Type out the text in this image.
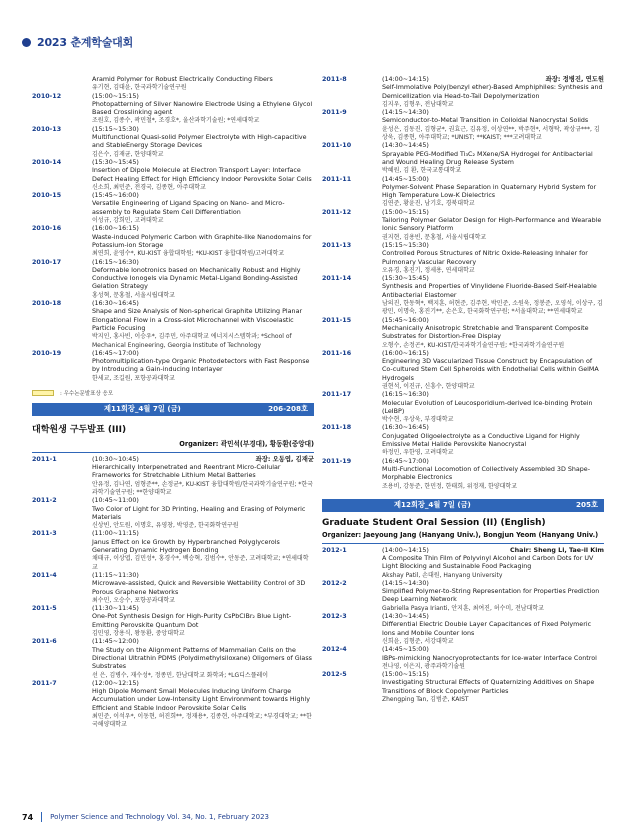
2023 춘계학술대회
Aramid Polymer for Robust Electrically Conducting Fibers
유기현, 김대윤, 한국과학기술연구원
2010-12	(15:00~15:15)
Photopatterning of Silver Nanowire Electrode Using a Ethylene Glycol Based Crosslinking agent
조원호, 김종수, 곽민철*, 조경호*, 울산과학기술원; *연세대학교
2010-13	(15:15~15:30)
Multifunctional Quasi-solid Polymer Electrolyte with High-capacitive and StableEnergy Storage Devices
김은수, 김재균, 한양대학교
2010-14	(15:30~15:45)
Insertion of Dipole Molecule at Electron Transport Layer: Interface Defect Healing Effect for High Efficiency Indoor Perovskite Solar Cells
신소희, 최민준, 전경국, 김종현, 아주대학교
2010-15	(15:45~16:00)
Versatile Engineering of Ligand Spacing on Nano- and Micro-assembly to Regulate Stem Cell Differentiation
이성규, 강희민, 고려대학교
2010-16	(16:00~16:15)
Waste-induced Polymeric Carbon with Graphite-like Nanodomains for Potassium-ion Storage
최연희, 윤영수*, KU-KIST 융합대학원; *KU-KIST 융합대학원/고려대학교
2010-17	(16:15~16:30)
Deformable Ionotronics based on Mechanically Robust and Highly Conductive Ionogels via Dynamic Metal-Ligand Bonding-Assisted Gelation Strategy
홍성혁, 문홍철, 서울시립대학교
2010-18	(16:30~16:45)
Shape and Size Analysis of Non-spherical Graphite Utilizing Planar Elongational Flow in a Cross-slot Microchannel with Viscoelastic Particle Focusing
박지인, 홍사빈, 이승우*, 김주민, 아주대학교 에너지시스템학과; *School of Mechanical Engineering, Georgia Institute of Technology
2010-19	(16:45~17:00)
Photomultiplication-type Organic Photodetectors with Fast Response by Introducing a Gain-inducing Interlayer
한세교, 조길원, 포항공과대학교
: 우수논문발표상 응모
제11회장_4월 7일 (금)	206-208호
대학원생 구두발표 (III)
Organizer: 곽민석(부경대), 황동환(중앙대)
2011-1	(10:30~10:45)	좌장: 오동엽, 김재균
Hierarchically Interpenetrated and Reentrant Micro-Cellular Frameworks for Stretchable Lithium Metal Batteries
안유정, 김나연, 엄형준**, 손정균*, KU-KIST 융합대학원/한국과학기술연구원; *한국과학기술연구원; **한양대학교
2011-2	(10:45~11:00)
Two Color of Light for 3D Printing, Healing and Erasing of Polymeric Materials
신상빈, 안도원, 이명호, 유영창, 박영준, 한국화학연구원
2011-3	(11:00~11:15)
Janus Effect on Ice Growth by Hyperbranched Polyglycerols Generating Dynamic Hydrogen Bonding
채태규, 이상엽, 김민성*, 홍경수*, 백승혁, 김범수*, 안동준, 고려대학교; *연세대학교
2011-4	(11:15~11:30)
Microwave-assisted, Quick and Reversible Wettability Control of 3D Porous Graphene Networks
최수민, 오승수, 포항공과대학교
2011-5	(11:30~11:45)
One-Pot Synthesis Design for High-Purity CsPbClBr₂ Blue Light-Emitting Perovskite Quantum Dot
김민영, 장용식, 왕동환, 중앙대학교
2011-6	(11:45~12:00)
The Study on the Alignment Patterns of Mammalian Cells on the Directional Ultrathin PDMS (Polydimethylsiloxane) Oligomers of Glass Substrates
선 은, 김병수, 재수성*, 정종민, 한남대학교 화학과; *LG디스플레이
2011-7	(12:00~12:15)
High Dipole Moment Small Molecules Inducing Uniform Charge Accumulation under Low-Intensity Light Environment towards Highly Efficient and Stable Indoor Perovskite Solar Cells
최민준, 이석우*, 이동현, 허진희**, 정재용*, 김종현, 아주대학교; *부경대학교; **한국해양대학교
2011-8	(14:00~14:15)	좌장: 정병진, 연도원
Self-Immolative Poly(benzyl ether)-Based Amphiphiles: Synthesis and Demicellization via Head-to-Tail Depolymerization
김지우, 김형우, 전남대학교
2011-9	(14:15~14:30)
Semiconductor-to-Metal Transition in Colloidal Nanocrystal Solids
윤성은, 김동진, 김형균*, 권효근, 김유정, 이상연**, 박주현*, 서형탁, 곽상규***, 김상욱, 김종현, 아주대학교; *UNIST; **KAIST; ***고려대학교
2011-10	(14:30~14:45)
Sprayable PEG-Modified Ti₃C₂ MXene/SA Hydrogel for Antibacterial and Wound Healing Drug Release System
박혜원, 김 환, 한국교통대학교
2011-11	(14:45~15:00)
Polymer-Solvent Phase Separation in Quaternary Hybrid System for High Temperature Low-K Dielectrics
김연준, 황윤진, 남기호, 경북대학교
2011-12	(15:00~15:15)
Tailoring Polymer Gelator Design for High-Performance and Wearable Ionic Sensory Platform
권지현, 김용빈, 문홍철, 서울시립대학교
2011-13	(15:15~15:30)
Controlled Porous Structures of Nitric Oxide-Releasing Inhaler for Pulmonary Vascular Recovery
오유경, 홍진기, 정세용, 연세대학교
2011-14	(15:30~15:45)
Synthesis and Properties of Vinylidene Fluoride-Based Self-Healable Antibacterial Elastomer
남의진, 한동혁*, 백지훈, 허현준, 김주현, 박민준, 소원욱, 정봉준, 오영석, 이상구, 김광민, 이명숙, 홍진기**, 손은호, 한국화학연구원; *서울대학교; **연세대학교
2011-15	(15:45~16:00)
Mechanically Anisotropic Stretchable and Transparent Composite Substrates for Distortion-Free Display
오형수, 손정곤*, KU-KIST/한국과학기술연구원; *한국과학기술연구원
2011-16	(16:00~16:15)
Engineering 3D Vascularized Tissue Construct by Encapsulation of Co-cultured Stem Cell Spheroids with Endothelial Cells within GelMA Hydrogels
권현석, 이진규, 신흥수, 한양대학교
2011-17	(16:15~16:30)
Molecular Evolution of Leucosporidium-derived Ice-binding Protein (LeIBP)
박수현, 우상욱, 부경대학교
2011-18	(16:30~16:45)
Conjugated Oligoelectrolyte as a Conductive Ligand for Highly Emissive Metal Halide Perovskite Nanocrystal
하정민, 우한영, 고려대학교
2011-19	(16:45~17:00)
Multi-Functional Locomotion of Collectively Assembled 3D Shape-Morphable Electronics
조용비, 강동준, 한민정, 한태희, 위정재, 한양대학교
제12회장_4월 7일 (금)	205호
Graduate Student Oral Session (II) (English)
Organizer: Jaeyoung Jang (Hanyang Univ.), Bongjun Yeom (Hanyang Univ.)
2012-1	(14:00~14:15)	Chair: Sheng Li, Tae-il Kim
A Composite Thin Film of Polyvinyl Alcohol and Carbon Dots for UV Light Blocking and Sustainable Food Packaging
Akshay Patil, 손대원, Hanyang University
2012-2	(14:15~14:30)
Simplified Polymer-to-String Representation for Properties Prediction Deep Learning Network
Gabriella Pasya Irianti, 안지훈, 최여진, 허수미, 전남대학교
2012-3	(14:30~14:45)
Differential Electric Double Layer Capacitances of Fixed Polymeric Ions and Mobile Counter Ions
신희윤, 김형준, 서강대학교
2012-4	(14:45~15:00)
IBPs-mimicking Nanocryoprotectants for Ice-water Interface Control
전나영, 이은지, 광주과학기술원
2012-5	(15:00~15:15)
Investigating Structural Effects of Quaternizing Additives on Shape Transitions of Block Copolymer Particles
Zhengping Tan, 김범준, KAIST
74 Polymer Science and Technology Vol. 34, No. 1, February 2023
